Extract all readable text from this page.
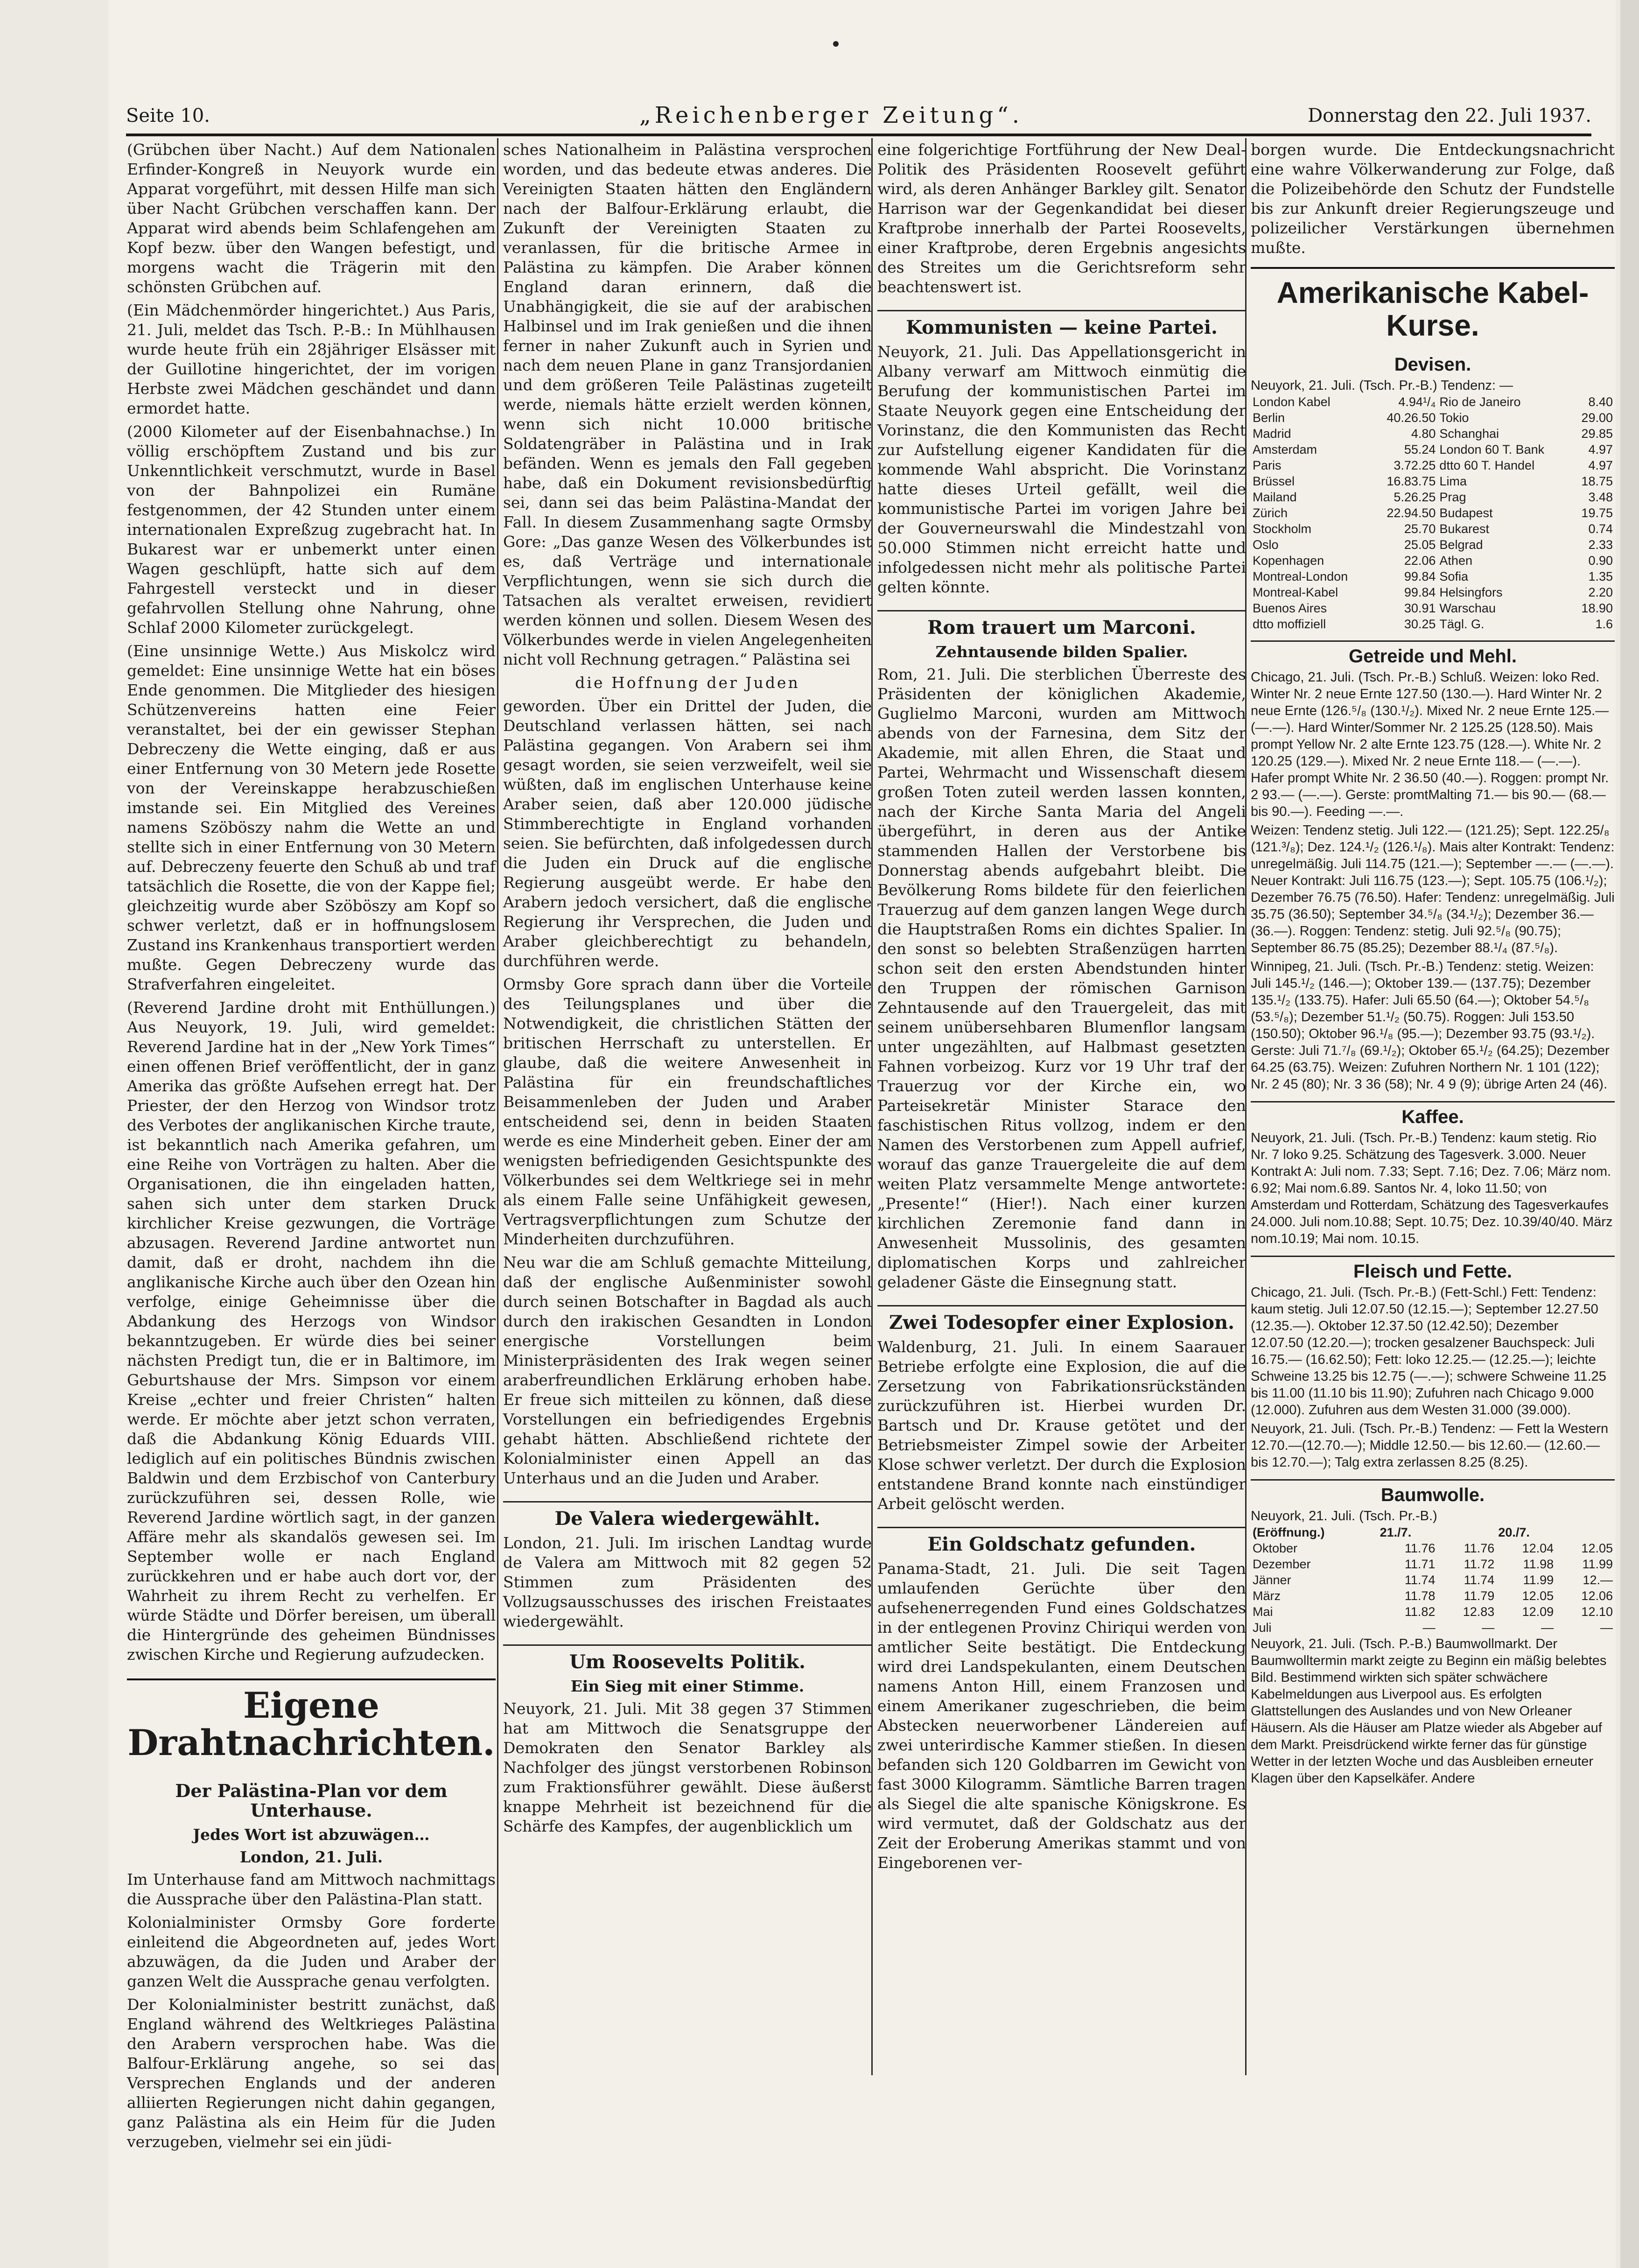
Seite 10.	„Reichenberger Zeitung“.	Donnerstag den 22. Juli 1937.

(Grübchen über Nacht.) Auf dem Nationalen Erfinder-Kongreß in Neuyork wurde ein Apparat vorgeführt, mit dessen Hilfe man sich über Nacht Grübchen verschaffen kann. Der Apparat wird abends beim Schlafengehen am Kopf bezw. über den Wangen befestigt, und morgens wacht die Trägerin mit den schönsten Grübchen auf.

(Ein Mädchenmörder hingerichtet.) Aus Paris, 21. Juli, meldet das Tsch. P.-B.: In Mühlhausen wurde heute früh ein 28jähriger Elsässer mit der Guillotine hingerichtet, der im vorigen Herbste zwei Mädchen geschändet und dann ermordet hatte.

(2000 Kilometer auf der Eisenbahnachse.) In völlig erschöpftem Zustand und bis zur Unkenntlichkeit verschmutzt, wurde in Basel von der Bahnpolizei ein Rumäne festgenommen, der 42 Stunden unter einem internationalen Expreßzug zugebracht hat. In Bukarest war er unbemerkt unter einen Wagen geschlüpft, hatte sich auf dem Fahrgestell versteckt und in dieser gefahrvollen Stellung ohne Nahrung, ohne Schlaf 2000 Kilometer zurückgelegt.

(Eine unsinnige Wette.) Aus Miskolcz wird gemeldet: Eine unsinnige Wette hat ein böses Ende genommen. Die Mitglieder des hiesigen Schützenvereins hatten eine Feier veranstaltet, bei der ein gewisser Stephan Debreczeny die Wette einging, daß er aus einer Entfernung von 30 Metern jede Rosette von der Vereinskappe herabzuschießen imstande sei. Ein Mitglied des Vereines namens Szöböszy nahm die Wette an und stellte sich in einer Entfernung von 30 Metern auf. Debreczeny feuerte den Schuß ab und traf tatsächlich die Rosette, die von der Kappe fiel; gleichzeitig wurde aber Szöböszy am Kopf so schwer verletzt, daß er in hoffnungslosem Zustand ins Krankenhaus transportiert werden mußte. Gegen Debreczeny wurde das Strafverfahren eingeleitet.

(Reverend Jardine droht mit Enthüllungen.) Aus Neuyork, 19. Juli, wird gemeldet: Reverend Jardine hat in der „New York Times“ einen offenen Brief veröffentlicht, der in ganz Amerika das größte Aufsehen erregt hat. Der Priester, der den Herzog von Windsor trotz des Verbotes der anglikanischen Kirche traute, ist bekanntlich nach Amerika gefahren, um eine Reihe von Vorträgen zu halten. Aber die Organisationen, die ihn eingeladen hatten, sahen sich unter dem starken Druck kirchlicher Kreise gezwungen, die Vorträge abzusagen. Reverend Jardine antwortet nun damit, daß er droht, nachdem ihn die anglikanische Kirche auch über den Ozean hin verfolge, einige Geheimnisse über die Abdankung des Herzogs von Windsor bekanntzugeben. Er würde dies bei seiner nächsten Predigt tun, die er in Baltimore, im Geburtshause der Mrs. Simpson vor einem Kreise „echter und freier Christen“ halten werde. Er möchte aber jetzt schon verraten, daß die Abdankung König Eduards VIII. lediglich auf ein politisches Bündnis zwischen Baldwin und dem Erzbischof von Canterbury zurückzuführen sei, dessen Rolle, wie Reverend Jardine wörtlich sagt, in der ganzen Affäre mehr als skandalös gewesen sei. Im September wolle er nach England zurückkehren und er habe auch dort vor, der Wahrheit zu ihrem Recht zu verhelfen. Er würde Städte und Dörfer bereisen, um überall die Hintergründe des geheimen Bündnisses zwischen Kirche und Regierung aufzudecken.

Eigene Drahtnachrichten.
Der Palästina-Plan vor dem Unterhause.
Jedes Wort ist abzuwägen…
London, 21. Juli.

Im Unterhause fand am Mittwoch nachmittags die Aussprache über den Palästina-Plan statt.

Kolonialminister Ormsby Gore forderte einleitend die Abgeordneten auf, jedes Wort abzuwägen, da die Juden und Araber der ganzen Welt die Aussprache genau verfolgten.

Der Kolonialminister bestritt zunächst, daß England während des Weltkrieges Palästina den Arabern versprochen habe. Was die Balfour-Erklärung angehe, so sei das Versprechen Englands und der anderen alliierten Regierungen nicht dahin gegangen, ganz Palästina als ein Heim für die Juden verzugeben, vielmehr sei ein jüdi-

sches Nationalheim in Palästina versprochen worden, und das bedeute etwas anderes. Die Vereinigten Staaten hätten den Engländern nach der Balfour-Erklärung erlaubt, die Zukunft der Vereinigten Staaten zu veranlassen, für die britische Armee in Palästina zu kämpfen. Die Araber können England daran erinnern, daß die Unabhängigkeit, die sie auf der arabischen Halbinsel und im Irak genießen und die ihnen ferner in naher Zukunft auch in Syrien und nach dem neuen Plane in ganz Transjordanien und dem größeren Teile Palästinas zugeteilt werde, niemals hätte erzielt werden können, wenn sich nicht 10.000 britische Soldatengräber in Palästina und in Irak befänden. Wenn es jemals den Fall gegeben habe, daß ein Dokument revisionsbedürftig sei, dann sei das beim Palästina-Mandat der Fall. In diesem Zusammenhang sagte Ormsby Gore: „Das ganze Wesen des Völkerbundes ist es, daß Verträge und internationale Verpflichtungen, wenn sie sich durch die Tatsachen als veraltet erweisen, revidiert werden können und sollen. Diesem Wesen des Völkerbundes werde in vielen Angelegenheiten nicht voll Rechnung getragen.“ Palästina sei

die Hoffnung der Juden

geworden. Über ein Drittel der Juden, die Deutschland verlassen hätten, sei nach Palästina gegangen. Von Arabern sei ihm gesagt worden, sie seien verzweifelt, weil sie wüßten, daß im englischen Unterhause keine Araber seien, daß aber 120.000 jüdische Stimmberechtigte in England vorhanden seien. Sie befürchten, daß infolgedessen durch die Juden ein Druck auf die englische Regierung ausgeübt werde. Er habe den Arabern jedoch versichert, daß die englische Regierung ihr Versprechen, die Juden und Araber gleichberechtigt zu behandeln, durchführen werde.

Ormsby Gore sprach dann über die Vorteile des Teilungsplanes und über die Notwendigkeit, die christlichen Stätten der britischen Herrschaft zu unterstellen. Er glaube, daß die weitere Anwesenheit in Palästina für ein freundschaftliches Beisammenleben der Juden und Araber entscheidend sei, denn in beiden Staaten werde es eine Minderheit geben. Einer der am wenigsten befriedigenden Gesichtspunkte des Völkerbundes sei dem Weltkriege sei in mehr als einem Falle seine Unfähigkeit gewesen, Vertragsverpflichtungen zum Schutze der Minderheiten durchzuführen.

Neu war die am Schluß gemachte Mitteilung, daß der englische Außenminister sowohl durch seinen Botschafter in Bagdad als auch durch den irakischen Gesandten in London energische Vorstellungen beim Ministerpräsidenten des Irak wegen seiner araberfreundlichen Erklärung erhoben habe. Er freue sich mitteilen zu können, daß diese Vorstellungen ein befriedigendes Ergebnis gehabt hätten. Abschließend richtete der Kolonialminister einen Appell an das Unterhaus und an die Juden und Araber.

De Valera wiedergewählt.

London, 21. Juli. Im irischen Landtag wurde de Valera am Mittwoch mit 82 gegen 52 Stimmen zum Präsidenten des Vollzugsausschusses des irischen Freistaates wiedergewählt.

Um Roosevelts Politik.
Ein Sieg mit einer Stimme.

Neuyork, 21. Juli. Mit 38 gegen 37 Stimmen hat am Mittwoch die Senatsgruppe der Demokraten den Senator Barkley als Nachfolger des jüngst verstorbenen Robinson zum Fraktionsführer gewählt. Diese äußerst knappe Mehrheit ist bezeichnend für die Schärfe des Kampfes, der augenblicklich um

eine folgerichtige Fortführung der New Deal-Politik des Präsidenten Roosevelt geführt wird, als deren Anhänger Barkley gilt. Senator Harrison war der Gegenkandidat bei dieser Kraftprobe innerhalb der Partei Roosevelts, einer Kraftprobe, deren Ergebnis angesichts des Streites um die Gerichtsreform sehr beachtenswert ist.

Kommunisten — keine Partei.

Neuyork, 21. Juli. Das Appellationsgericht in Albany verwarf am Mittwoch einmütig die Berufung der kommunistischen Partei im Staate Neuyork gegen eine Entscheidung der Vorinstanz, die den Kommunisten das Recht zur Aufstellung eigener Kandidaten für die kommende Wahl abspricht. Die Vorinstanz hatte dieses Urteil gefällt, weil die kommunistische Partei im vorigen Jahre bei der Gouverneurswahl die Mindestzahl von 50.000 Stimmen nicht erreicht hatte und infolgedessen nicht mehr als politische Partei gelten könnte.

Rom trauert um Marconi.
Zehntausende bilden Spalier.

Rom, 21. Juli. Die sterblichen Überreste des Präsidenten der königlichen Akademie, Guglielmo Marconi, wurden am Mittwoch abends von der Farnesina, dem Sitz der Akademie, mit allen Ehren, die Staat und Partei, Wehrmacht und Wissenschaft diesem großen Toten zuteil werden lassen konnten, nach der Kirche Santa Maria del Angeli übergeführt, in deren aus der Antike stammenden Hallen der Verstorbene bis Donnerstag abends aufgebahrt bleibt. Die Bevölkerung Roms bildete für den feierlichen Trauerzug auf dem ganzen langen Wege durch die Hauptstraßen Roms ein dichtes Spalier. In den sonst so belebten Straßenzügen harrten schon seit den ersten Abendstunden hinter den Truppen der römischen Garnison Zehntausende auf den Trauergeleit, das mit seinem unübersehbaren Blumenflor langsam unter ungezählten, auf Halbmast gesetzten Fahnen vorbeizog. Kurz vor 19 Uhr traf der Trauerzug vor der Kirche ein, wo Parteisekretär Minister Starace den faschistischen Ritus vollzog, indem er den Namen des Verstorbenen zum Appell aufrief, worauf das ganze Trauergeleite die auf dem weiten Platz versammelte Menge antwortete: „Presente!“ (Hier!). Nach einer kurzen kirchlichen Zeremonie fand dann in Anwesenheit Mussolinis, des gesamten diplomatischen Korps und zahlreicher geladener Gäste die Einsegnung statt.

Zwei Todesopfer einer Explosion.

Waldenburg, 21. Juli. In einem Saarauer Betriebe erfolgte eine Explosion, die auf die Zersetzung von Fabrikationsrückständen zurückzuführen ist. Hierbei wurden Dr. Bartsch und Dr. Krause getötet und der Betriebsmeister Zimpel sowie der Arbeiter Klose schwer verletzt. Der durch die Explosion entstandene Brand konnte nach einstündiger Arbeit gelöscht werden.

Ein Goldschatz gefunden.

Panama-Stadt, 21. Juli. Die seit Tagen umlaufenden Gerüchte über den aufsehenerregenden Fund eines Goldschatzes in der entlegenen Provinz Chiriqui werden von amtlicher Seite bestätigt. Die Entdeckung wird drei Landspekulanten, einem Deutschen namens Anton Hill, einem Franzosen und einem Amerikaner zugeschrieben, die beim Abstecken neuerworbener Ländereien auf zwei unterirdische Kammer stießen. In diesen befanden sich 120 Goldbarren im Gewicht von fast 3000 Kilogramm. Sämtliche Barren tragen als Siegel die alte spanische Königskrone. Es wird vermutet, daß der Goldschatz aus der Zeit der Eroberung Amerikas stammt und von Eingeborenen ver-

borgen wurde. Die Entdeckungsnachricht eine wahre Völkerwanderung zur Folge, daß die Polizeibehörde den Schutz der Fundstelle bis zur Ankunft dreier Regierungszeuge und polizeilicher Verstärkungen übernehmen mußte.

Amerikanische Kabel-Kurse.
Devisen.
Neuyork, 21. Juli. (Tsch. Pr.-B.) Tendenz: —
London Kabel	4.94¹/₄	Rio de Janeiro	8.40
Berlin	40.26.50	Tokio	29.00
Madrid	4.80	Schanghai	29.85
Amsterdam	55.24	London 60 T. Bank	4.97
Paris	3.72.25	dtto 60 T. Handel	4.97
Brüssel	16.83.75	Lima	18.75
Mailand	5.26.25	Prag	3.48
Zürich	22.94.50	Budapest	19.75
Stockholm	25.70	Bukarest	0.74
Oslo	25.05	Belgrad	2.33
Kopenhagen	22.06	Athen	0.90
Montreal-London	99.84	Sofia	1.35
Montreal-Kabel	99.84	Helsingfors	2.20
Buenos Aires	30.91	Warschau	18.90
dtto moffiziell	30.25	Tägl. G.	1.6
Getreide und Mehl.

Chicago, 21. Juli. (Tsch. Pr.-B.) Schluß. Weizen: loko Red. Winter Nr. 2 neue Ernte 127.50 (130.—). Hard Winter Nr. 2 neue Ernte (126.⁵/₈ (130.¹/₂). Mixed Nr. 2 neue Ernte 125.— (—.—). Hard Winter/Sommer Nr. 2 125.25 (128.50). Mais prompt Yellow Nr. 2 alte Ernte 123.75 (128.—). White Nr. 2 120.25 (129.—). Mixed Nr. 2 neue Ernte 118.— (—.—). Hafer prompt White Nr. 2 36.50 (40.—). Roggen: prompt Nr. 2 93.— (—.—). Gerste: promtMalting 71.— bis 90.— (68.— bis 90.—). Feeding —.—.

Weizen: Tendenz stetig. Juli 122.— (121.25); Sept. 122.25/₈ (121.³/₈); Dez. 124.¹/₂ (126.¹/₈). Mais alter Kontrakt: Tendenz: unregelmäßig. Juli 114.75 (121.—); September —.— (—.—). Neuer Kontrakt: Juli 116.75 (123.—); Sept. 105.75 (106.¹/₂); Dezember 76.75 (76.50). Hafer: Tendenz: unregelmäßig. Juli 35.75 (36.50); September 34.⁵/₈ (34.¹/₂); Dezember 36.— (36.—). Roggen: Tendenz: stetig. Juli 92.⁵/₈ (90.75); September 86.75 (85.25); Dezember 88.¹/₄ (87.⁵/₈).

Winnipeg, 21. Juli. (Tsch. Pr.-B.) Tendenz: stetig. Weizen: Juli 145.¹/₂ (146.—); Oktober 139.— (137.75); Dezember 135.¹/₂ (133.75). Hafer: Juli 65.50 (64.—); Oktober 54.⁵/₈ (53.⁵/₈); Dezember 51.¹/₂ (50.75). Roggen: Juli 153.50 (150.50); Oktober 96.¹/₈ (95.—); Dezember 93.75 (93.¹/₂). Gerste: Juli 71.⁷/₈ (69.¹/₂); Oktober 65.¹/₂ (64.25); Dezember 64.25 (63.75). Weizen: Zufuhren Northern Nr. 1 101 (122); Nr. 2 45 (80); Nr. 3 36 (58); Nr. 4 9 (9); übrige Arten 24 (46).

Kaffee.

Neuyork, 21. Juli. (Tsch. Pr.-B.) Tendenz: kaum stetig. Rio Nr. 7 loko 9.25. Schätzung des Tagesverk. 3.000. Neuer Kontrakt A: Juli nom. 7.33; Sept. 7.16; Dez. 7.06; März nom. 6.92; Mai nom.6.89. Santos Nr. 4, loko 11.50; von Amsterdam und Rotterdam, Schätzung des Tagesverkaufes 24.000. Juli nom.10.88; Sept. 10.75; Dez. 10.39/40/40. März nom.10.19; Mai nom. 10.15.

Fleisch und Fette.

Chicago, 21. Juli. (Tsch. Pr.-B.) (Fett-Schl.) Fett: Tendenz: kaum stetig. Juli 12.07.50 (12.15.—); September 12.27.50 (12.35.—). Oktober 12.37.50 (12.42.50); Dezember 12.07.50 (12.20.—); trocken gesalzener Bauchspeck: Juli 16.75.— (16.62.50); Fett: loko 12.25.— (12.25.—); leichte Schweine 13.25 bis 12.75 (—.—); schwere Schweine 11.25 bis 11.00 (11.10 bis 11.90); Zufuhren nach Chicago 9.000 (12.000). Zufuhren aus dem Westen 31.000 (39.000).

Neuyork, 21. Juli. (Tsch. Pr.-B.) Tendenz: — Fett la Western 12.70.—(12.70.—); Middle 12.50.— bis 12.60.— (12.60.— bis 12.70.—); Talg extra zerlassen 8.25 (8.25).

Baumwolle.
Neuyork, 21. Juli. (Tsch. Pr.-B.)
(Eröffnung.)	21./7.		20./7.	
Oktober	11.76	11.76	12.04	12.05
Dezember	11.71	11.72	11.98	11.99
Jänner	11.74	11.74	11.99	12.—
März	11.78	11.79	12.05	12.06
Mai	11.82	12.83	12.09	12.10
Juli	—	—	—	—

Neuyork, 21. Juli. (Tsch. P.-B.) Baumwollmarkt. Der Baumwolltermin markt zeigte zu Beginn ein mäßig belebtes Bild. Bestimmend wirkten sich später schwächere Kabelmeldungen aus Liverpool aus. Es erfolgten Glattstellungen des Auslandes und von New Orleaner Häusern. Als die Häuser am Platze wieder als Abgeber auf dem Markt. Preisdrückend wirkte ferner das für günstige Wetter in der letzten Woche und das Ausbleiben erneuter Klagen über den Kapselkäfer. Andere
